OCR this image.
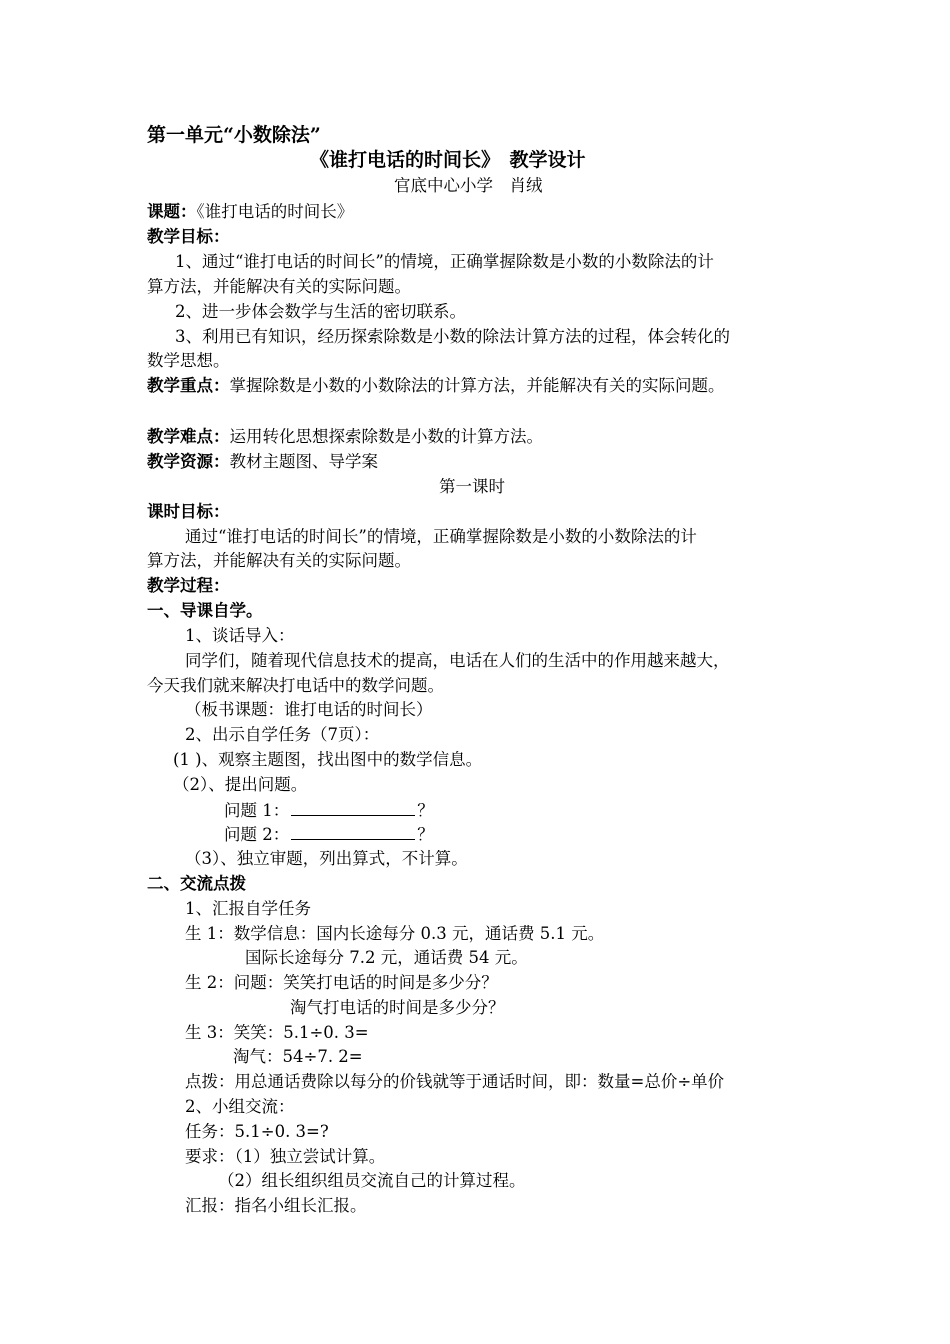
第一单元“小数除法”
《谁打电话的时间长》　教学设计
官底中心小学　肖绒
课题：《谁打电话的时间长》
教学目标：
1、通过“谁打电话的时间长”的情境，正确掌握除数是小数的小数除法的计
算方法，并能解决有关的实际问题。
2、进一步体会数学与生活的密切联系。
3、利用已有知识，经历探索除数是小数的除法计算方法的过程，体会转化的
数学思想。
教学重点：掌握除数是小数的小数除法的计算方法，并能解决有关的实际问题。
教学难点：运用转化思想探索除数是小数的计算方法。
教学资源：教材主题图、导学案
第一课时
课时目标：
通过“谁打电话的时间长”的情境，正确掌握除数是小数的小数除法的计
算方法，并能解决有关的实际问题。
教学过程：
一、导课自学。
1、谈话导入：
同学们，随着现代信息技术的提高，电话在人们的生活中的作用越来越大，
今天我们就来解决打电话中的数学问题。
（板书课题：谁打电话的时间长）
2、出示自学任务（7页）：
(1 )、观察主题图，找出图中的数学信息。
（2）、提出问题。
问题 1：	？
问题 2：	？
（3）、独立审题，列出算式，不计算。
二、交流点拨
1、汇报自学任务
生 1：数学信息：国内长途每分 0.3 元，通话费 5.1 元。
国际长途每分 7.2 元，通话费 54 元。
生 2：问题：笑笑打电话的时间是多少分？
淘气打电话的时间是多少分？
生 3：笑笑：5.1÷0. 3=
淘气：54÷7. 2=
点拨：用总通话费除以每分的价钱就等于通话时间，即：数量=总价÷单价
2、小组交流：
任务：5.1÷0. 3=?
要求：（1）独立尝试计算。
（2）组长组织组员交流自己的计算过程。
汇报：指名小组长汇报。
